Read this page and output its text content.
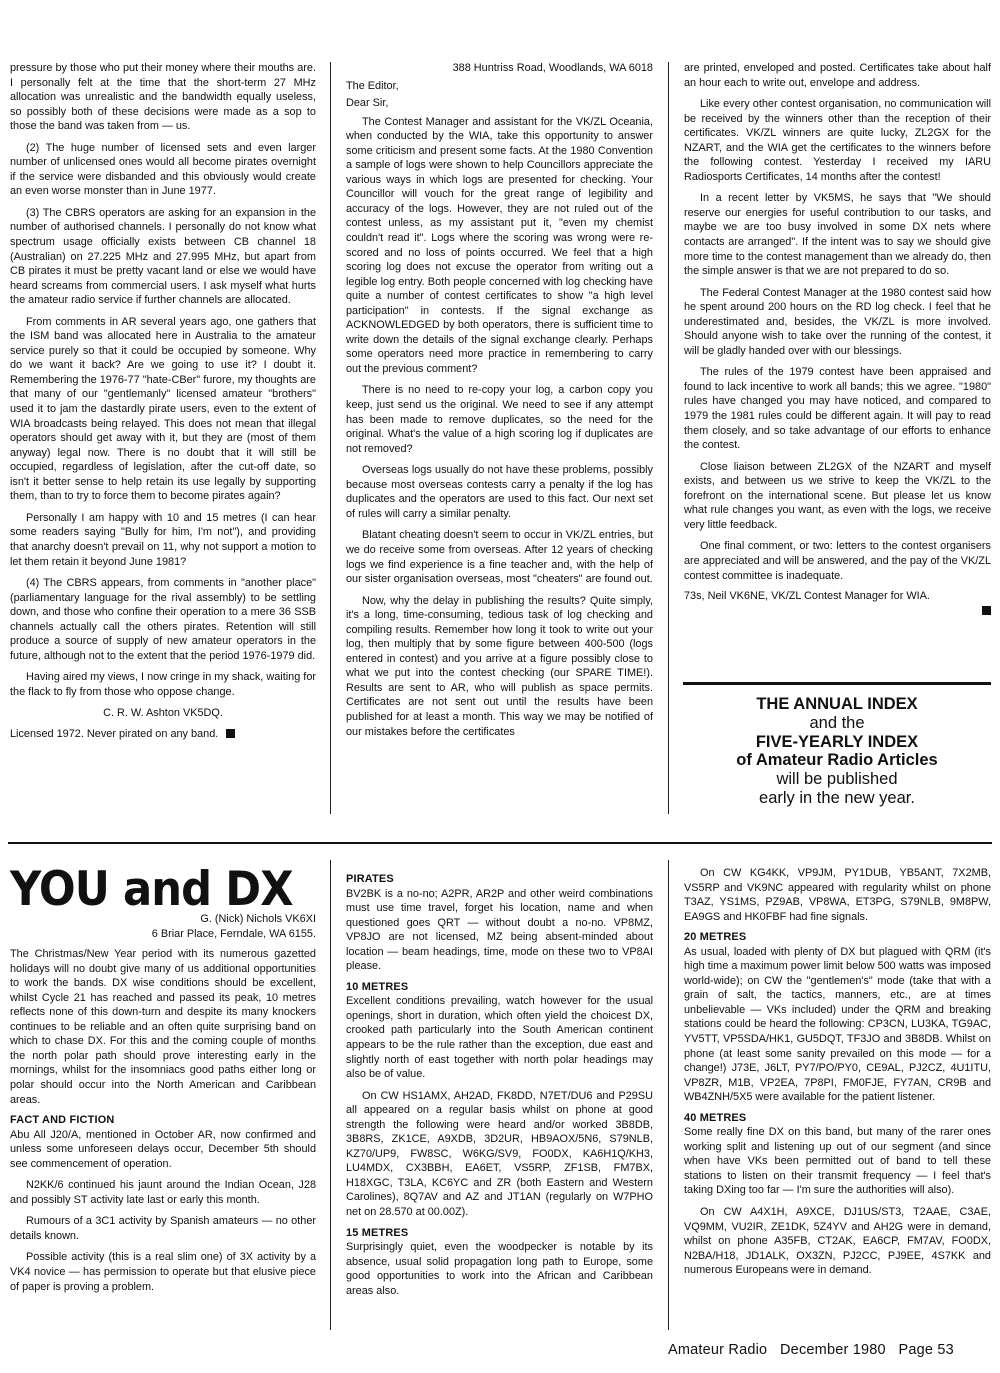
pressure by those who put their money where their mouths are. I personally felt at the time that the short-term 27 MHz allocation was unrealistic and the bandwidth equally useless, so possibly both of these decisions were made as a sop to those the band was taken from — us.

(2) The huge number of licensed sets and even larger number of unlicensed ones would all become pirates overnight if the service were disbanded and this obviously would create an even worse monster than in June 1977.

(3) The CBRS operators are asking for an expansion in the number of authorised channels. I personally do not know what spectrum usage officially exists between CB channel 18 (Australian) on 27.225 MHz and 27.995 MHz, but apart from CB pirates it must be pretty vacant land or else we would have heard screams from commercial users. I ask myself what hurts the amateur radio service if further channels are allocated.

From comments in AR several years ago, one gathers that the ISM band was allocated here in Australia to the amateur service purely so that it could be occupied by someone. Why do we want it back? Are we going to use it? I doubt it. Remembering the 1976-77 "hate-CBer" furore, my thoughts are that many of our "gentlemanly" licensed amateur "brothers" used it to jam the dastardly pirate users, even to the extent of WIA broadcasts being relayed. This does not mean that illegal operators should get away with it, but they are (most of them anyway) legal now. There is no doubt that it will still be occupied, regardless of legislation, after the cut-off date, so isn't it better sense to help retain its use legally by supporting them, than to try to force them to become pirates again?

Personally I am happy with 10 and 15 metres (I can hear some readers saying "Bully for him, I'm not"), and providing that anarchy doesn't prevail on 11, why not support a motion to let them retain it beyond June 1981?

(4) The CBRS appears, from comments in "another place" (parliamentary language for the rival assembly) to be settling down, and those who confine their operation to a mere 36 SSB channels actually call the others pirates. Retention will still produce a source of supply of new amateur operators in the future, although not to the extent that the period 1976-1979 did.

Having aired my views, I now cringe in my shack, waiting for the flack to fly from those who oppose change.

C. R. W. Ashton VK5DQ.

Licensed 1972. Never pirated on any band.

388 Huntriss Road, Woodlands, WA 6018

The Editor,

Dear Sir,

The Contest Manager and assistant for the VK/ZL Oceania, when conducted by the WIA, take this opportunity to answer some criticism and present some facts. At the 1980 Convention a sample of logs were shown to help Councillors appreciate the various ways in which logs are presented for checking. Your Councillor will vouch for the great range of legibility and accuracy of the logs. However, they are not ruled out of the contest unless, as my assistant put it, "even my chemist couldn't read it". Logs where the scoring was wrong were re-scored and no loss of points occurred. We feel that a high scoring log does not excuse the operator from writing out a legible log entry. Both people concerned with log checking have quite a number of contest certificates to show "a high level participation" in contests. If the signal exchange as ACKNOWLEDGED by both operators, there is sufficient time to write down the details of the signal exchange clearly. Perhaps some operators need more practice in remembering to carry out the previous comment?

There is no need to re-copy your log, a carbon copy you keep, just send us the original. We need to see if any attempt has been made to remove duplicates, so the need for the original. What's the value of a high scoring log if duplicates are not removed?

Overseas logs usually do not have these problems, possibly because most overseas contests carry a penalty if the log has duplicates and the operators are used to this fact. Our next set of rules will carry a similar penalty.

Blatant cheating doesn't seem to occur in VK/ZL entries, but we do receive some from overseas. After 12 years of checking logs we find experience is a fine teacher and, with the help of our sister organisation overseas, most "cheaters" are found out.

Now, why the delay in publishing the results? Quite simply, it's a long, time-consuming, tedious task of log checking and compiling results. Remember how long it took to write out your log, then multiply that by some figure between 400-500 (logs entered in contest) and you arrive at a figure possibly close to what we put into the contest checking (our SPARE TIME!). Results are sent to AR, who will publish as space permits. Certificates are not sent out until the results have been published for at least a month. This way we may be notified of our mistakes before the certificates

are printed, enveloped and posted. Certificates take about half an hour each to write out, envelope and address.

Like every other contest organisation, no communication will be received by the winners other than the reception of their certificates. VK/ZL winners are quite lucky, ZL2GX for the NZART, and the WIA get the certificates to the winners before the following contest. Yesterday I received my IARU Radiosports Certificates, 14 months after the contest!

In a recent letter by VK5MS, he says that "We should reserve our energies for useful contribution to our tasks, and maybe we are too busy involved in some DX nets where contacts are arranged". If the intent was to say we should give more time to the contest management than we already do, then the simple answer is that we are not prepared to do so.

The Federal Contest Manager at the 1980 contest said how he spent around 200 hours on the RD log check. I feel that he underestimated and, besides, the VK/ZL is more involved. Should anyone wish to take over the running of the contest, it will be gladly handed over with our blessings.

The rules of the 1979 contest have been appraised and found to lack incentive to work all bands; this we agree. "1980" rules have changed you may have noticed, and compared to 1979 the 1981 rules could be different again. It will pay to read them closely, and so take advantage of our efforts to enhance the contest.

Close liaison between ZL2GX of the NZART and myself exists, and between us we strive to keep the VK/ZL to the forefront on the international scene. But please let us know what rule changes you want, as even with the logs, we receive very little feedback.

One final comment, or two: letters to the contest organisers are appreciated and will be answered, and the pay of the VK/ZL contest committee is inadequate.

73s, Neil VK6NE, VK/ZL Contest Manager for WIA.

THE ANNUAL INDEX
and the
FIVE-YEARLY INDEX
of Amateur Radio Articles
will be published
early in the new year.
YOU and DX

G. (Nick) Nichols VK6XI

6 Briar Place, Ferndale, WA 6155.

The Christmas/New Year period with its numerous gazetted holidays will no doubt give many of us additional opportunities to work the bands. DX wise conditions should be excellent, whilst Cycle 21 has reached and passed its peak, 10 metres reflects none of this down-turn and despite its many knockers continues to be reliable and an often quite surprising band on which to chase DX. For this and the coming couple of months the north polar path should prove interesting early in the mornings, whilst for the insomniacs good paths either long or polar should occur into the North American and Caribbean areas.

FACT AND FICTION

Abu All J20/A, mentioned in October AR, now confirmed and unless some unforeseen delays occur, December 5th should see commencement of operation.

N2KK/6 continued his jaunt around the Indian Ocean, J28 and possibly ST activity late last or early this month.

Rumours of a 3C1 activity by Spanish amateurs — no other details known.

Possible activity (this is a real slim one) of 3X activity by a VK4 novice — has permission to operate but that elusive piece of paper is proving a problem.

PIRATES

BV2BK is a no-no; A2PR, AR2P and other weird combinations must use time travel, forget his location, name and when questioned goes QRT — without doubt a no-no. VP8MZ, VP8JO are not licensed, MZ being absent-minded about location — beam headings, time, mode on these two to VP8AI please.

10 METRES

Excellent conditions prevailing, watch however for the usual openings, short in duration, which often yield the choicest DX, crooked path particularly into the South American continent appears to be the rule rather than the exception, due east and slightly north of east together with north polar headings may also be of value.

On CW HS1AMX, AH2AD, FK8DD, N7ET/DU6 and P29SU all appeared on a regular basis whilst on phone at good strength the following were heard and/or worked 3B8DB, 3B8RS, ZK1CE, A9XDB, 3D2UR, HB9AOX/5N6, S79NLB, KZ70/UP9, FW8SC, W6KG/SV9, FO0DX, KA6H1Q/KH3, LU4MDX, CX3BBH, EA6ET, VS5RP, ZF1SB, FM7BX, H18XGC, T3LA, KC6YC and ZR (both Eastern and Western Carolines), 8Q7AV and AZ and JT1AN (regularly on W7PHO net on 28.570 at 00.00Z).

15 METRES

Surprisingly quiet, even the woodpecker is notable by its absence, usual solid propagation long path to Europe, some good opportunities to work into the African and Caribbean areas also.

On CW KG4KK, VP9JM, PY1DUB, YB5ANT, 7X2MB, VS5RP and VK9NC appeared with regularity whilst on phone T3AZ, YS1MS, PZ9AB, VP8WA, ET3PG, S79NLB, 9M8PW, EA9GS and HK0FBF had fine signals.

20 METRES

As usual, loaded with plenty of DX but plagued with QRM (it's high time a maximum power limit below 500 watts was imposed world-wide); on CW the "gentlemen's" mode (take that with a grain of salt, the tactics, manners, etc., are at times unbelievable — VKs included) under the QRM and breaking stations could be heard the following: CP3CN, LU3KA, TG9AC, YV5TT, VP5SDA/HK1, GU5DQT, TF3JO and 3B8DB. Whilst on phone (at least some sanity prevailed on this mode — for a change!) J73E, J6LT, PY7/PO/PY0, CE9AL, PJ2CZ, 4U1ITU, VP8ZR, M1B, VP2EA, 7P8PI, FM0FJE, FY7AN, CR9B and WB4ZNH/5X5 were available for the patient listener.

40 METRES

Some really fine DX on this band, but many of the rarer ones working split and listening up out of our segment (and since when have VKs been permitted out of band to tell these stations to listen on their transmit frequency — I feel that's taking DXing too far — I'm sure the authorities will also).

On CW A4X1H, A9XCE, DJ1US/ST3, T2AAE, C3AE, VQ9MM, VU2IR, ZE1DK, 5Z4YV and AH2G were in demand, whilst on phone A35FB, CT2AK, EA6CP, FM7AV, FO0DX, N2BA/H18, JD1ALK, OX3ZN, PJ2CC, PJ9EE, 4S7KK and numerous Europeans were in demand.

Amateur Radio December 1980 Page 53
